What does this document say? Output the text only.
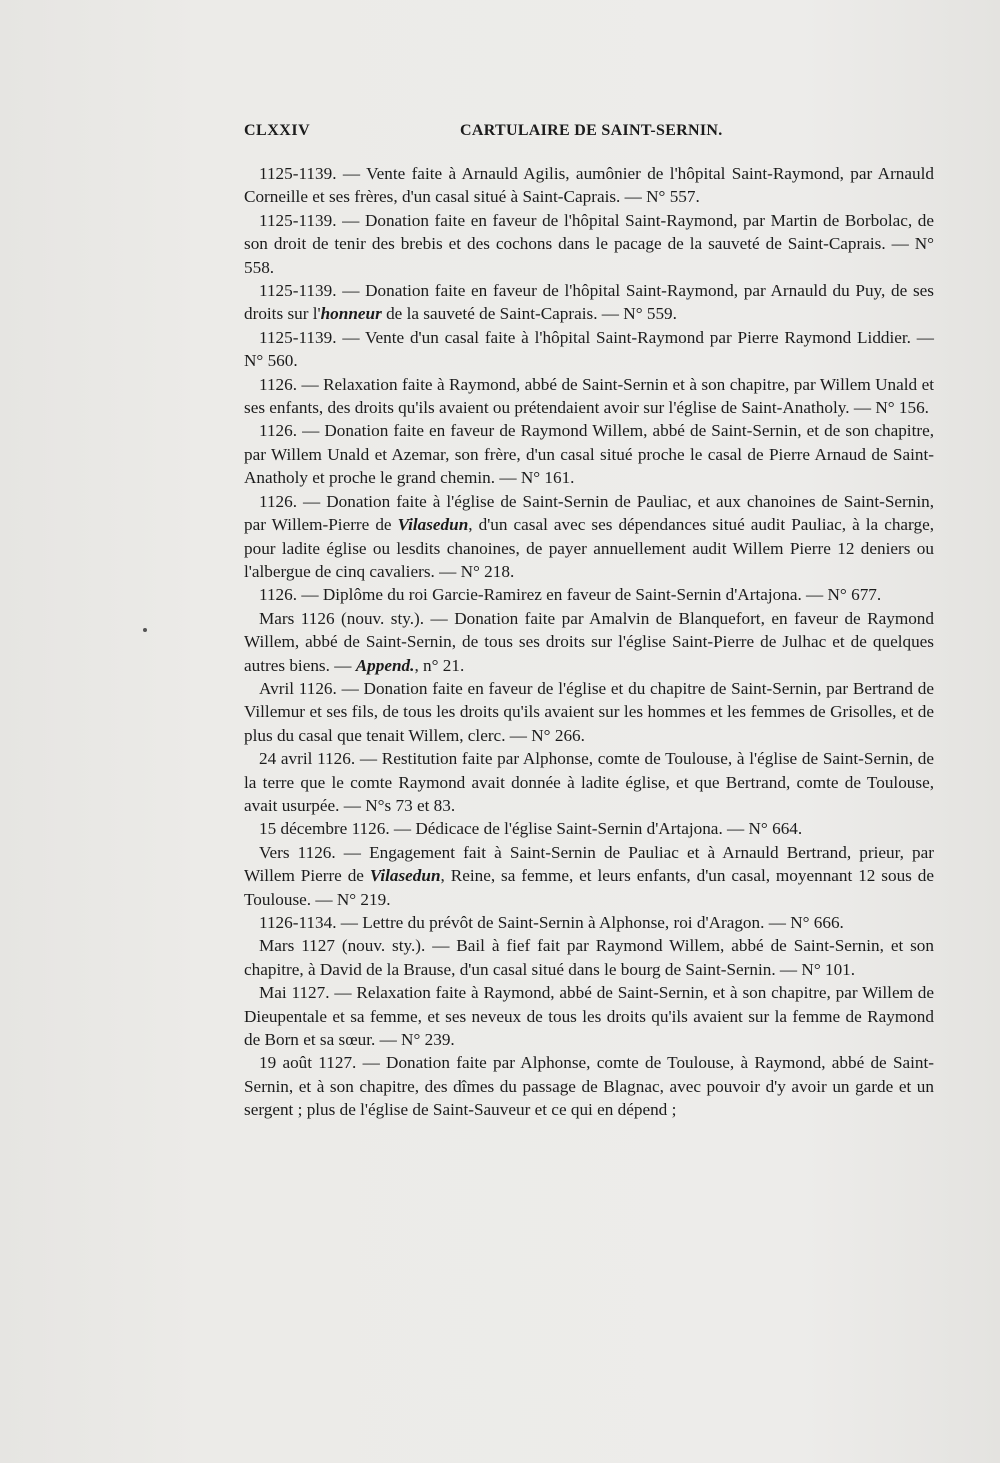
CLXXIV	CARTULAIRE DE SAINT-SERNIN.

1125-1139. — Vente faite à Arnauld Agilis, aumônier de l'hôpital Saint-Raymond, par Arnauld Corneille et ses frères, d'un casal situé à Saint-Caprais. — N° 557.

1125-1139. — Donation faite en faveur de l'hôpital Saint-Raymond, par Martin de Borbolac, de son droit de tenir des brebis et des cochons dans le pacage de la sauveté de Saint-Caprais. — N° 558.

1125-1139. — Donation faite en faveur de l'hôpital Saint-Raymond, par Arnauld du Puy, de ses droits sur l'honneur de la sauveté de Saint-Caprais. — N° 559.

1125-1139. — Vente d'un casal faite à l'hôpital Saint-Raymond par Pierre Raymond Liddier. — N° 560.

1126. — Relaxation faite à Raymond, abbé de Saint-Sernin et à son chapitre, par Willem Unald et ses enfants, des droits qu'ils avaient ou prétendaient avoir sur l'église de Saint-Anatholy. — N° 156.

1126. — Donation faite en faveur de Raymond Willem, abbé de Saint-Sernin, et de son chapitre, par Willem Unald et Azemar, son frère, d'un casal situé proche le casal de Pierre Arnaud de Saint-Anatholy et proche le grand chemin. — N° 161.

1126. — Donation faite à l'église de Saint-Sernin de Pauliac, et aux chanoines de Saint-Sernin, par Willem-Pierre de Vilasedun, d'un casal avec ses dépendances situé audit Pauliac, à la charge, pour ladite église ou lesdits chanoines, de payer annuellement audit Willem Pierre 12 deniers ou l'albergue de cinq cavaliers. — N° 218.

1126. — Diplôme du roi Garcie-Ramirez en faveur de Saint-Sernin d'Artajona. — N° 677.

Mars 1126 (nouv. sty.). — Donation faite par Amalvin de Blanquefort, en faveur de Raymond Willem, abbé de Saint-Sernin, de tous ses droits sur l'église Saint-Pierre de Julhac et de quelques autres biens. — Append., n° 21.

Avril 1126. — Donation faite en faveur de l'église et du chapitre de Saint-Sernin, par Bertrand de Villemur et ses fils, de tous les droits qu'ils avaient sur les hommes et les femmes de Grisolles, et de plus du casal que tenait Willem, clerc. — N° 266.

24 avril 1126. — Restitution faite par Alphonse, comte de Toulouse, à l'église de Saint-Sernin, de la terre que le comte Raymond avait donnée à ladite église, et que Bertrand, comte de Toulouse, avait usurpée. — N°s 73 et 83.

15 décembre 1126. — Dédicace de l'église Saint-Sernin d'Artajona. — N° 664.

Vers 1126. — Engagement fait à Saint-Sernin de Pauliac et à Arnauld Bertrand, prieur, par Willem Pierre de Vilasedun, Reine, sa femme, et leurs enfants, d'un casal, moyennant 12 sous de Toulouse. — N° 219.

1126-1134. — Lettre du prévôt de Saint-Sernin à Alphonse, roi d'Aragon. — N° 666.

Mars 1127 (nouv. sty.). — Bail à fief fait par Raymond Willem, abbé de Saint-Sernin, et son chapitre, à David de la Brause, d'un casal situé dans le bourg de Saint-Sernin. — N° 101.

Mai 1127. — Relaxation faite à Raymond, abbé de Saint-Sernin, et à son chapitre, par Willem de Dieupentale et sa femme, et ses neveux de tous les droits qu'ils avaient sur la femme de Raymond de Born et sa sœur. — N° 239.

19 août 1127. — Donation faite par Alphonse, comte de Toulouse, à Raymond, abbé de Saint-Sernin, et à son chapitre, des dîmes du passage de Blagnac, avec pouvoir d'y avoir un garde et un sergent ; plus de l'église de Saint-Sauveur et ce qui en dépend ;
